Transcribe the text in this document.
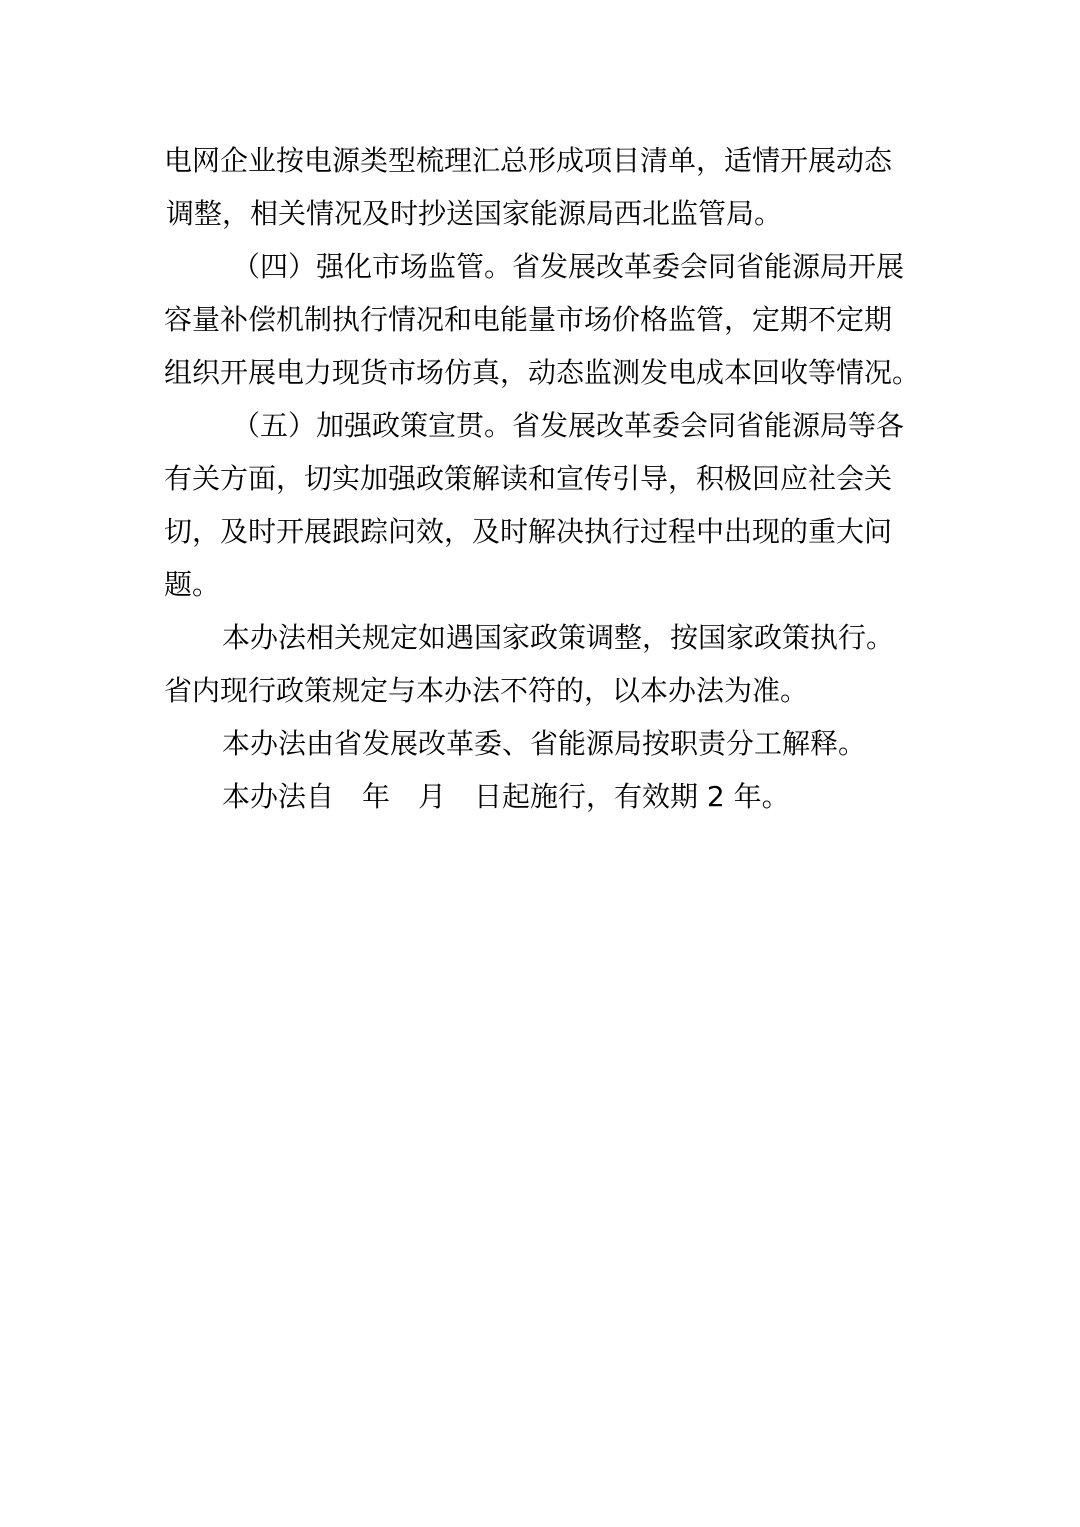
电网企业按电源类型梳理汇总形成项目清单，适情开展动态
调整，相关情况及时抄送国家能源局西北监管局。
（四）强化市场监管。省发展改革委会同省能源局开展
容量补偿机制执行情况和电能量市场价格监管，定期不定期
组织开展电力现货市场仿真，动态监测发电成本回收等情况。
（五）加强政策宣贯。省发展改革委会同省能源局等各
有关方面，切实加强政策解读和宣传引导，积极回应社会关
切，及时开展跟踪问效，及时解决执行过程中出现的重大问
题。
本办法相关规定如遇国家政策调整，按国家政策执行。
省内现行政策规定与本办法不符的，以本办法为准。
本办法由省发展改革委、省能源局按职责分工解释。
本办法自　年　月　日起施行，有效期 2 年。
